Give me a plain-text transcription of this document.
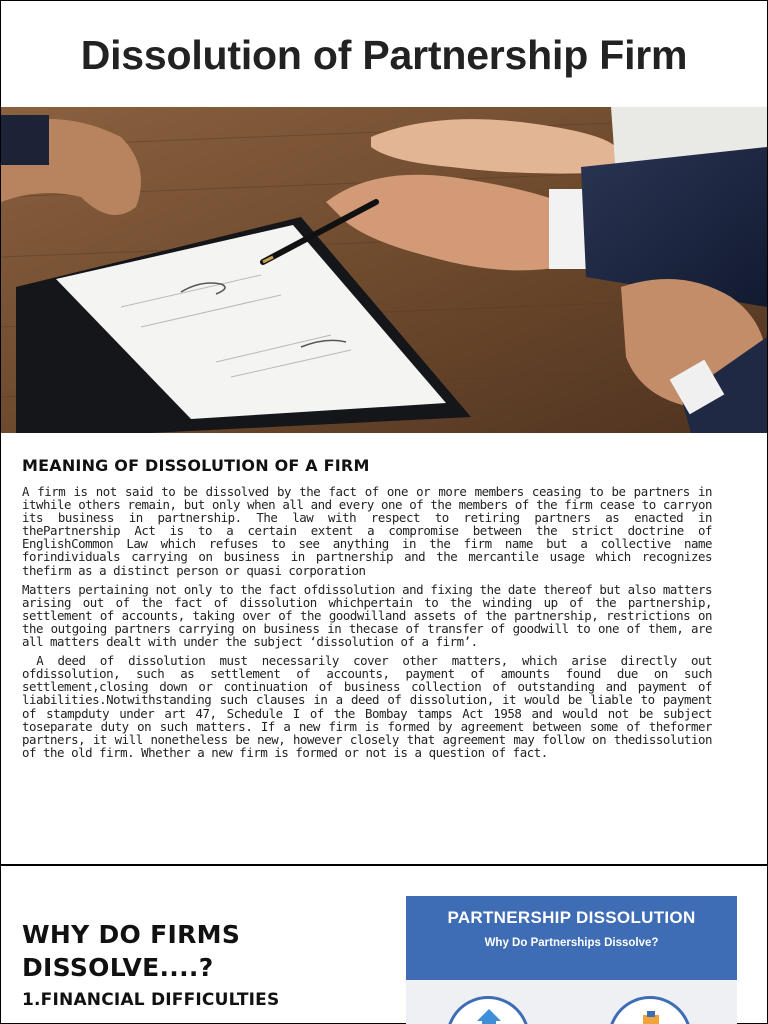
Dissolution of Partnership Firm
MEANING OF DISSOLUTION OF A FIRM

A firm is not said to be dissolved by the fact of one or more members ceasing to be partners in itwhile others remain, but only when all and every one of the members of the firm cease to carryon its business in partnership. The law with respect to retiring partners as enacted in thePartnership Act is to a certain extent a compromise between the strict doctrine of EnglishCommon Law which refuses to see anything in the firm name but a collective name forindividuals carrying on business in partnership and the mercantile usage which recognizes thefirm as a distinct person or quasi corporation

Matters pertaining not only to the fact ofdissolution and fixing the date thereof but also matters arising out of the fact of dissolution whichpertain to the winding up of the partnership, settlement of accounts, taking over of the goodwilland assets of the partnership, restrictions on the outgoing partners carrying on business in thecase of transfer of goodwill to one of them, are all matters dealt with under the subject ‘dissolution of a firm’.

A deed of dissolution must necessarily cover other matters, which arise directly out ofdissolution, such as settlement of accounts, payment of amounts found due on such settlement,closing down or continuation of business collection of outstanding and payment of liabilities.Notwithstanding such clauses in a deed of dissolution, it would be liable to payment of stampduty under art 47, Schedule I of the Bombay tamps Act 1958 and would not be subject toseparate duty on such matters. If a new firm is formed by agreement between some of theformer partners, it will nonetheless be new, however closely that agreement may follow on thedissolution of the old firm. Whether a new firm is formed or not is a question of fact.

WHY DO FIRMS DISSOLVE....?

1.FINANCIAL DIFFICULTIES

PARTNERSHIP DISSOLUTION
Why Do Partnerships Dissolve?
